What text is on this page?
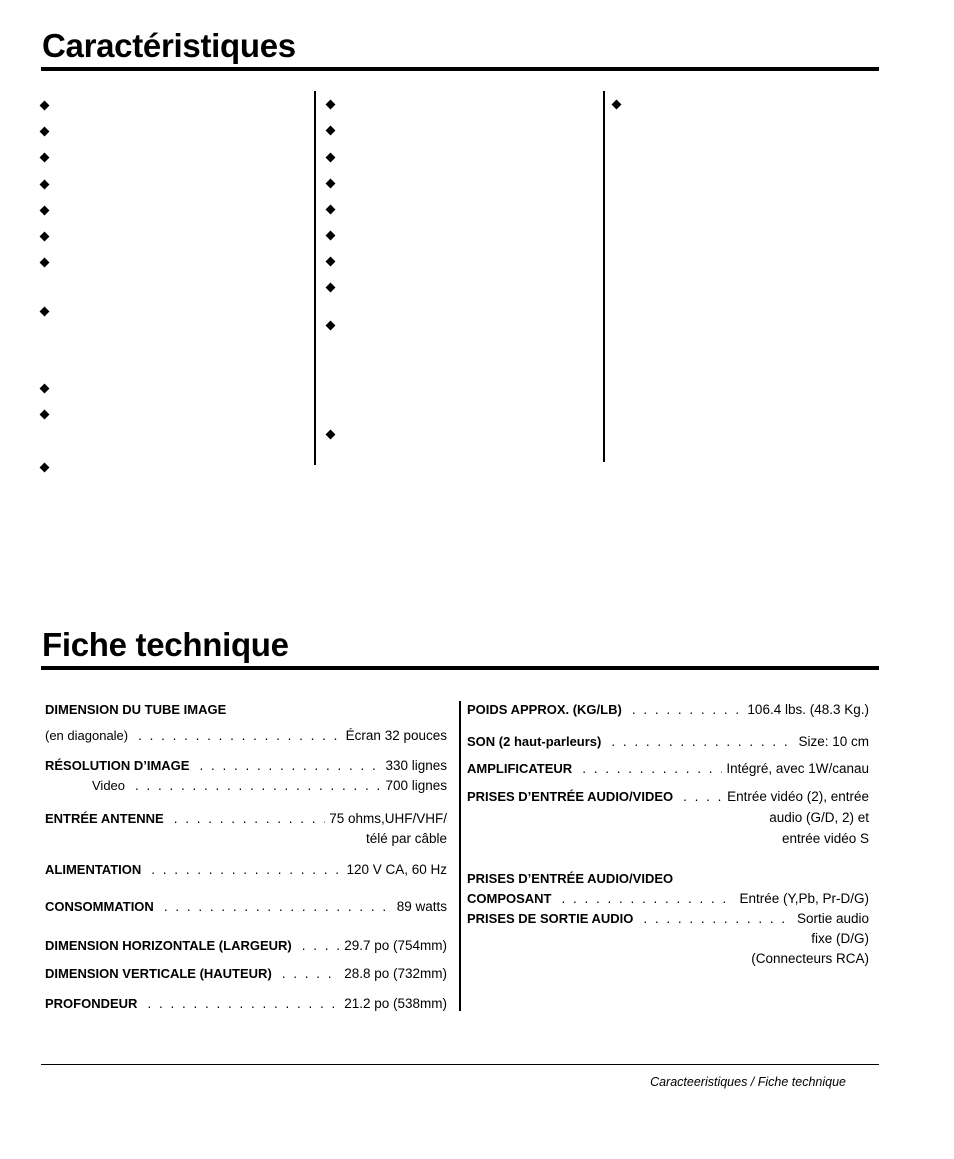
Caractéristiques
Fiche technique
DIMENSION DU TUBE IMAGE
(en diagonale) . . .	Écran 32 pouces
RÉSOLUTION D’IMAGE . . .	330 lignes
Video . . .	700 lignes
ENTRÉE ANTENNE . . .	75 ohms,UHF/VHF/
télé par câble
ALIMENTATION . . .	120 V CA, 60 Hz
CONSOMMATION . . .	89 watts
DIMENSION HORIZONTALE (LARGEUR) . . .	29.7 po (754mm)
DIMENSION VERTICALE (HAUTEUR) . . .	28.8 po (732mm)
PROFONDEUR . . .	21.2 po (538mm)
POIDS APPROX. (KG/LB) . . .	106.4 lbs. (48.3 Kg.)
SON (2 haut-parleurs) . . .	Size: 10 cm
AMPLIFICATEUR . . .	Intégré, avec 1W/canau
PRISES D’ENTRÉE AUDIO/VIDEO . . .	Entrée vidéo (2), entrée
audio (G/D, 2) et
entrée vidéo S
PRISES D’ENTRÉE AUDIO/VIDEO
COMPOSANT . . .	Entrée (Y,Pb, Pr-D/G)
PRISES DE SORTIE AUDIO . . .	Sortie audio
fixe (D/G)
(Connecteurs RCA)
Caracteeristiques / Fiche technique
